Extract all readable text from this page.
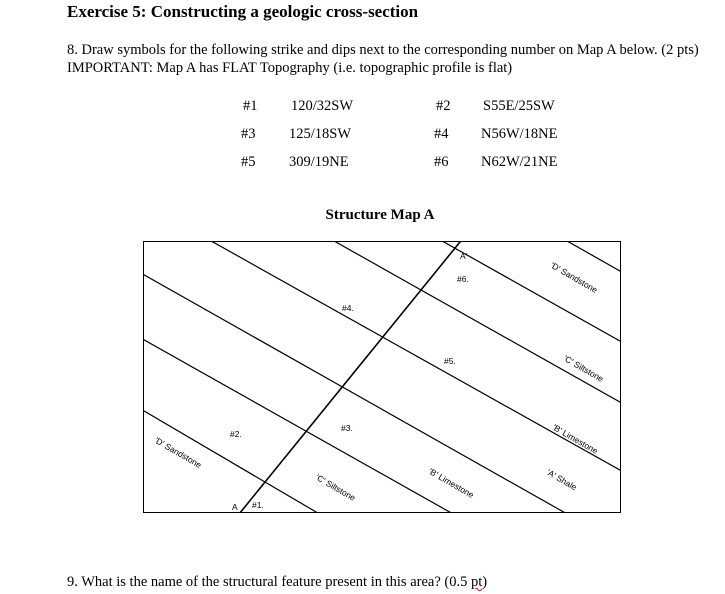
Exercise 5: Constructing a geologic cross-section
8. Draw symbols for the following strike and dips next to the corresponding number on Map A below. (2 pts) IMPORTANT: Map A has FLAT Topography (i.e. topographic profile is flat)
#1 120/32SW	#2 S55E/25SW
#3 125/18SW	#4 N56W/18NE
#5 309/19NE	#6 N62W/21NE
Structure Map A
#1.
#2.
#3.
#4.
#5.
#6.
A
A'
'D' Sandstone
'C' Siltstone	'B' Limestone
'D' Sandstone
'C' Siltstone
'B' Limestone
'A' Shale
9. What is the name of the structural feature present in this area? (0.5 pt)
